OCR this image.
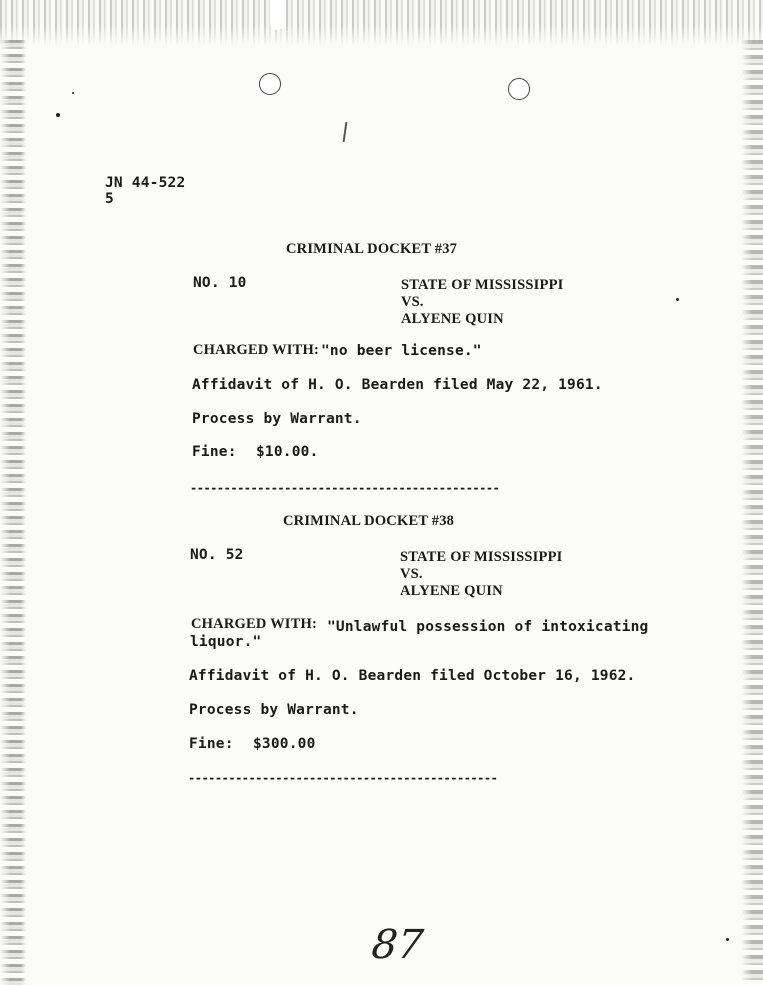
JN 44-522
5
CRIMINAL DOCKET #37
NO. 10	STATE OF MISSISSIPPI
VS.
ALYENE QUIN
CHARGED WITH: "no beer license."
Affidavit of H. O. Bearden filed May 22, 1961.
Process by Warrant.
Fine: $10.00.
----------------------------------------------
CRIMINAL DOCKET #38
NO. 52	STATE OF MISSISSIPPI
VS.
ALYENE QUIN
CHARGED WITH: "Unlawful possession of intoxicating
liquor."
Affidavit of H. O. Bearden filed October 16, 1962.
Process by Warrant.
Fine: $300.00
----------------------------------------------
87
